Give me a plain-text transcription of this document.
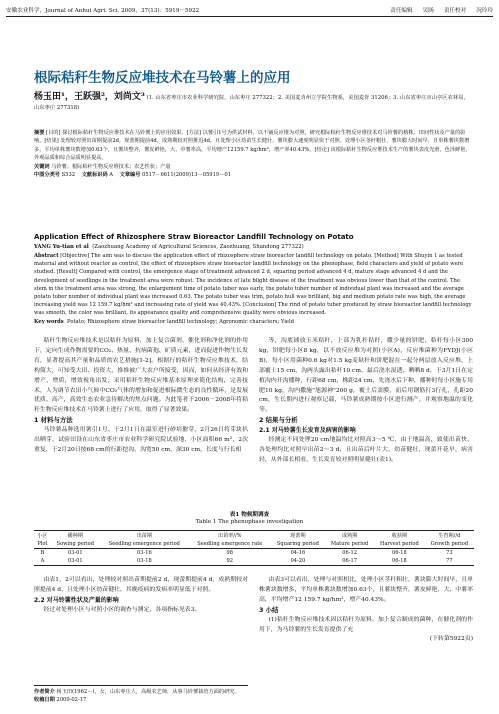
安徽农业科学，Journal of Anhui Agri. Sci. 2009，37(13)：5919－5922	责任编辑 吴旸 责任校对 况玲玲
根际秸秆生物反应堆技术在马铃薯上的应用
杨玉田¹，王跃强²，刘尚文³ (1. 山东省枣庄市农业科学研究院，山东枣庄 277322；2. 美国麦肯州立学院生物系，美国麦肯 31206；3. 山东省枣庄市山亭区农林局，山东枣庄 277318)
摘要 [目的] 探讨根际秸秆生物反应堆技术在马铃薯上的应用效果。[方法] 以薯引1号为供试材料，以不铺反应堆为对照，研究根际秸秆生物反应堆技术对马铃薯的植株、田间性状及产量的影响。[结果] 处理较对照出苗期提前2d，现蕾期提前4d，成熟期较对照推迟4d，且处理小区幼苗生长健壮，薯块膨大速度明显快于对照。处理小区茎秆粗壮，薯块膨大时间早，且单株薯块数增多，平均单株薯块数增加0.63个，且薯块整齐，薯皮鲜艳，大、中薯率高，平均增产12159.7 kg/hm²，增产率40.43%。[结论] 该根际秸秆生物反应堆技术生产的薯块表皮光滑，色泽鲜艳，外观品质和综合品质明显提高。
关键词 马铃薯；根际秸秆生物反应堆技术；农艺性状；产量
中图分类号 S532 文献标识码 A 文章编号 0517－6611(2009)13－05919－01
Application Effect of Rhizosphere Straw Bioreactor Landfill Technology on Potato
YANG Yu-tian et al (Zaozhuang Academy of Agricultural Sciences, Zaozhuang, Shandong 277322)
Abstract [Objective] The aim was to discuss the application effect of rhizosphere straw bioreactor landfill technology on potato. [Method] With Shuyin 1 as tested material and without reactor as control, the effect of rhizosphere straw bioreactor landfill technology on the phenophase, field characters and yield of potato were studied. [Result] Compared with control, the emergence stage of treatment advanced 2 d, squaring period advanced 4 d, mature stage advanced 4 d and the development of seedlings in the treatment area were robust. The incidence of late blight disease of the treatment was obvious lower than that of the control. The stem in the treatment area was strong, the enlargement time of potato tuber was early, the potato tuber number of individual plant was increased and the average potato tuber number of individual plant was increased 0.63. The potato tuber was trim, potato hull was brilliant, big and medium potato rate was high, the average increasing yield was 12 159.7 kg/hm² and increasing rate of yield was 40.43%. [Conclusion] The rind of potato tuber produced by straw bioreactor landfill technology was smooth, the color was brilliant, its appearance quality and comprehensive quality were obvious increased.
Key words Potato; Rhizosphere straw bioreactor landfill technology; Agronomic characters; Yield

秸秆生物反应堆技术是以秸秆为原料，加上复合菌剂、催化剂和净化剂的作用下，定向生成作物需要的CO₂、热量、抗病菌孢、矿质元素，进而促进作物生长发育，显著提高其产量和品质的农艺措施[1-2]。根据行的秸秆生物反应堆技术，结构简大，可知受大田、投资大，推推被广大农户所接受，因而，如何从经济有效和增产，增质，增效视角出发，采用秸秆生物反应堆基本原理来简化结构，完善技术，人为调节农田小气候中CO₂气体的增加和促进根际微生态的良性循环，是发展优质、高产，高效生态农业急待解决的焦点问题。为此笔者于2006－2008年将秸秆生物反应堆技术在马铃薯上进行了应用，取得了显著效果。

1 材料与方法

马铃薯品种选用薯引1号，于2月1日在温室进行砂培催芽，2月26日将芽块扒出晒芽，试验田设在山东省枣庄市农业科学研究院试验地，小区面积66 m²，2次重复，于2月20日按68 cm的行距挖沟，沟宽50 cm，深30 cm，长度与行长相

等，沟底铺放玉米秸秆，上部为乳秆秸秆，撒少量的饼肥，秸秆每小区300 kg，饼肥每小区8 kg，以不放反应堆为对照(小区A)，反应堆菌种为FYDJ(小区B)，每小区用菌种0.6 kg对1.5 kg麦麸秆和饼肥混在一起分两层放入反应堆，上部覆土15 cm，沟两头露出秸秆10 cm，最后浇水湿透，晒晒8 d，于3月1日在定植沟内开沟播种，行距68 cm，株距24 cm，先浇水后下种，播种时每小区施专用肥10 kg，沟内撒施"旭源神"200 g，覆土后盖膜，而后用钢筋打3行孔，孔距20 cm，生长期内进行观察记载，马铃薯成熟期按小区进行测产，并观察地温的变化等。

2 结果与分析
2.1 对马铃薯生长发育及病害的影响

经测定不同处理20 cm地温均比对照高3～5 ℃，由于地温高，致使出苗快，各处理均比对照早出苗2～3 d，且出苗后叶片大，幼苗健壮，现蕾开花早，病害轻，从外部长相看，生长发育较对照明显健壮(表1)。

表1 物候期调查
Table 1 The phenophase investigation
小区	播种期	出苗期	出苗率//%	现蕾期	成熟期	收获期	生育期//d
Plot	Sowing period	Seedling emergence period	Seedling emergence rate	Squaring period	Mature period	Harvest period	Growth period
B	03-01	03-16	98	04-16	06-12	06-18	73
A	03-01	03-18	92	04-20	06-17	06-18	77

由表1，2可以看出，处理较对照出苗期提前2 d，现蕾期提前4 d，成熟期较对照提前4 d，且处理小区幼苗健壮，其晚疫病的发病率明显低于对照。

2.2 对马铃薯性状及产量的影响

经过对处理小区与对照小区的调查与测定，各项指标见表3。

由表3可以看出，处理与对照相比，处理小区茎秆粗壮，薯块膨大时间早，且单株薯块数增多，平均单株薯块数增加0.63个，且薯块整齐，薯皮鲜艳，大、中薯率高，平均增产12 159.7 kg/hm²，增产40.43%。

3 小结

(1)秸秆生物反应堆技术因以秸秆为原料，加上复合制成的菌种，在催化剂的作用下，为马铃薯的生长发育提供了充

(下转第5922页)
作者简介 杨玉田(1962－)，女，山东枣庄人，高级农艺师，从事马铃薯栽培方面的研究。
收稿日期 2009-02-17
